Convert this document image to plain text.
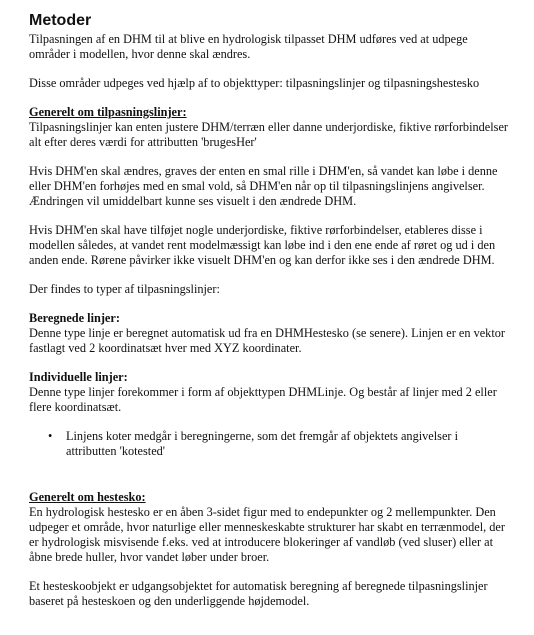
Metoder

Tilpasningen af en DHM til at blive en hydrologisk tilpasset DHM udføres ved at udpege områder i modellen, hvor denne skal ændres.

Disse områder udpeges ved hjælp af to objekttyper: tilpasningslinjer og tilpasningshestesko

Generelt om tilpasningslinjer:

Tilpasningslinjer kan enten justere DHM/terræn eller danne underjordiske, fiktive rørforbindelser alt efter deres værdi for attributten 'brugesHer'

Hvis DHM'en skal ændres, graves der enten en smal rille i DHM'en, så vandet kan løbe i denne eller DHM'en forhøjes med en smal vold, så DHM'en når op til tilpasningslinjens angivelser. Ændringen vil umiddelbart kunne ses visuelt i den ændrede DHM.

Hvis DHM'en skal have tilføjet nogle underjordiske, fiktive rørforbindelser, etableres disse i modellen således, at vandet rent modelmæssigt kan løbe ind i den ene ende af røret og ud i den anden ende. Rørene påvirker ikke visuelt DHM'en og kan derfor ikke ses i den ændrede DHM.

Der findes to typer af tilpasningslinjer:

Beregnede linjer:

Denne type linje er beregnet automatisk ud fra en DHMHestesko (se senere). Linjen er en vektor fastlagt ved 2 koordinatsæt hver med XYZ koordinater.

Individuelle linjer:

Denne type linjer forekommer i form af objekttypen DHMLinje. Og består af linjer med 2 eller flere koordinatsæt.

• Linjens koter medgår i beregningerne, som det fremgår af objektets angivelser i attributten 'kotested'

Generelt om hestesko:

En hydrologisk hestesko er en åben 3-sidet figur med to endepunkter og 2 mellempunkter. Den udpeger et område, hvor naturlige eller menneskeskabte strukturer har skabt en terrænmodel, der er hydrologisk misvisende f.eks. ved at introducere blokeringer af vandløb (ved sluser) eller at åbne brede huller, hvor vandet løber under broer.

Et hesteskoobjekt er udgangsobjektet for automatisk beregning af beregnede tilpasningslinjer baseret på hesteskoen og den underliggende højdemodel.
